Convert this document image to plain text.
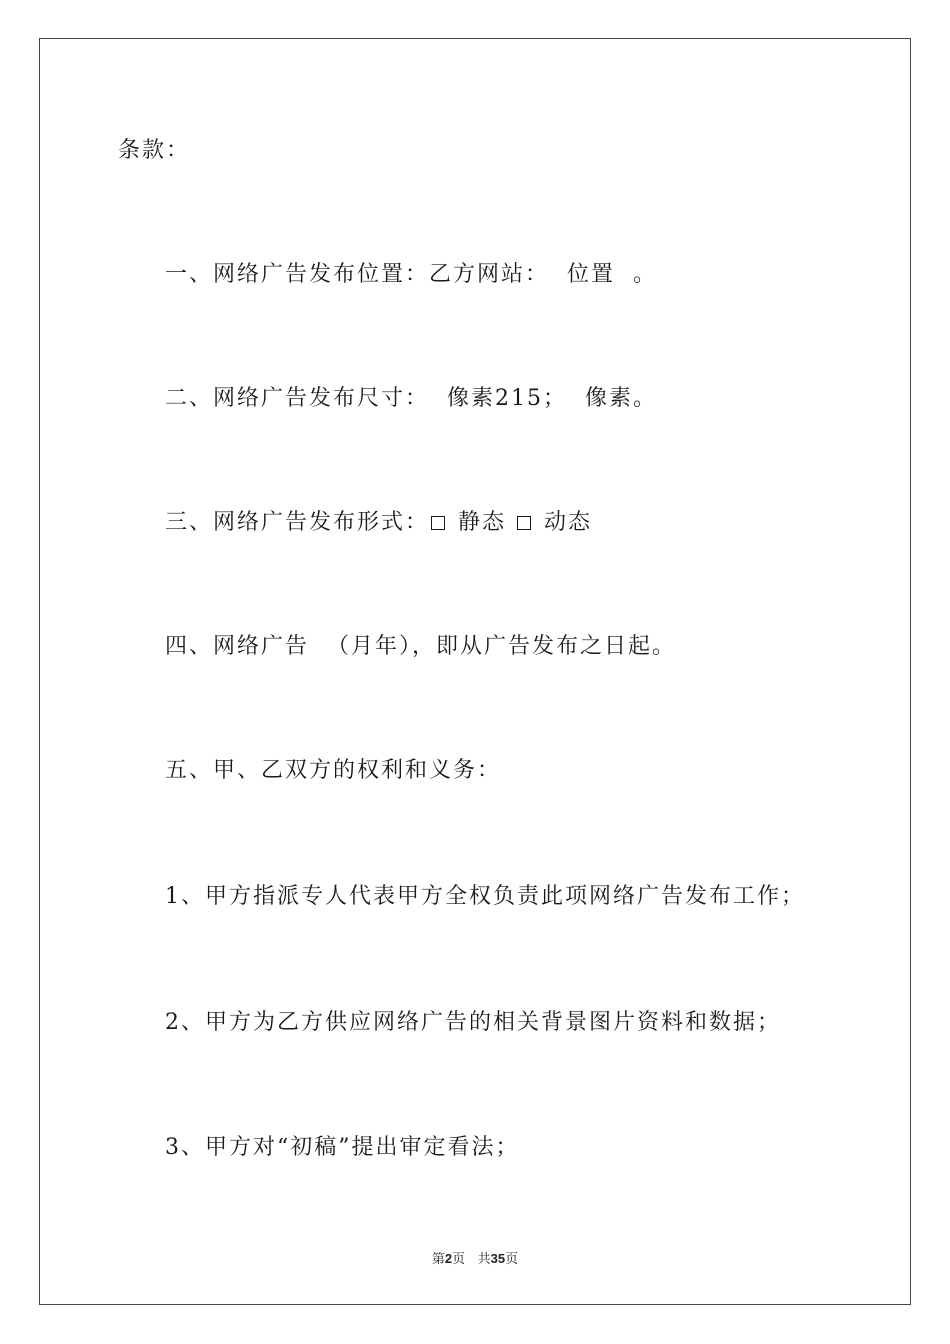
条款：
一、网络广告发布位置：乙方网站：  位置  。
二、网络广告发布尺寸：  像素215；  像素。
三、网络广告发布形式： 静态 动态
四、网络广告  （月年），即从广告发布之日起。
五、甲、乙双方的权利和义务：
1、甲方指派专人代表甲方全权负责此项网络广告发布工作；
2、甲方为乙方供应网络广告的相关背景图片资料和数据；
3、甲方对“初稿”提出审定看法；
第2页 共35页
